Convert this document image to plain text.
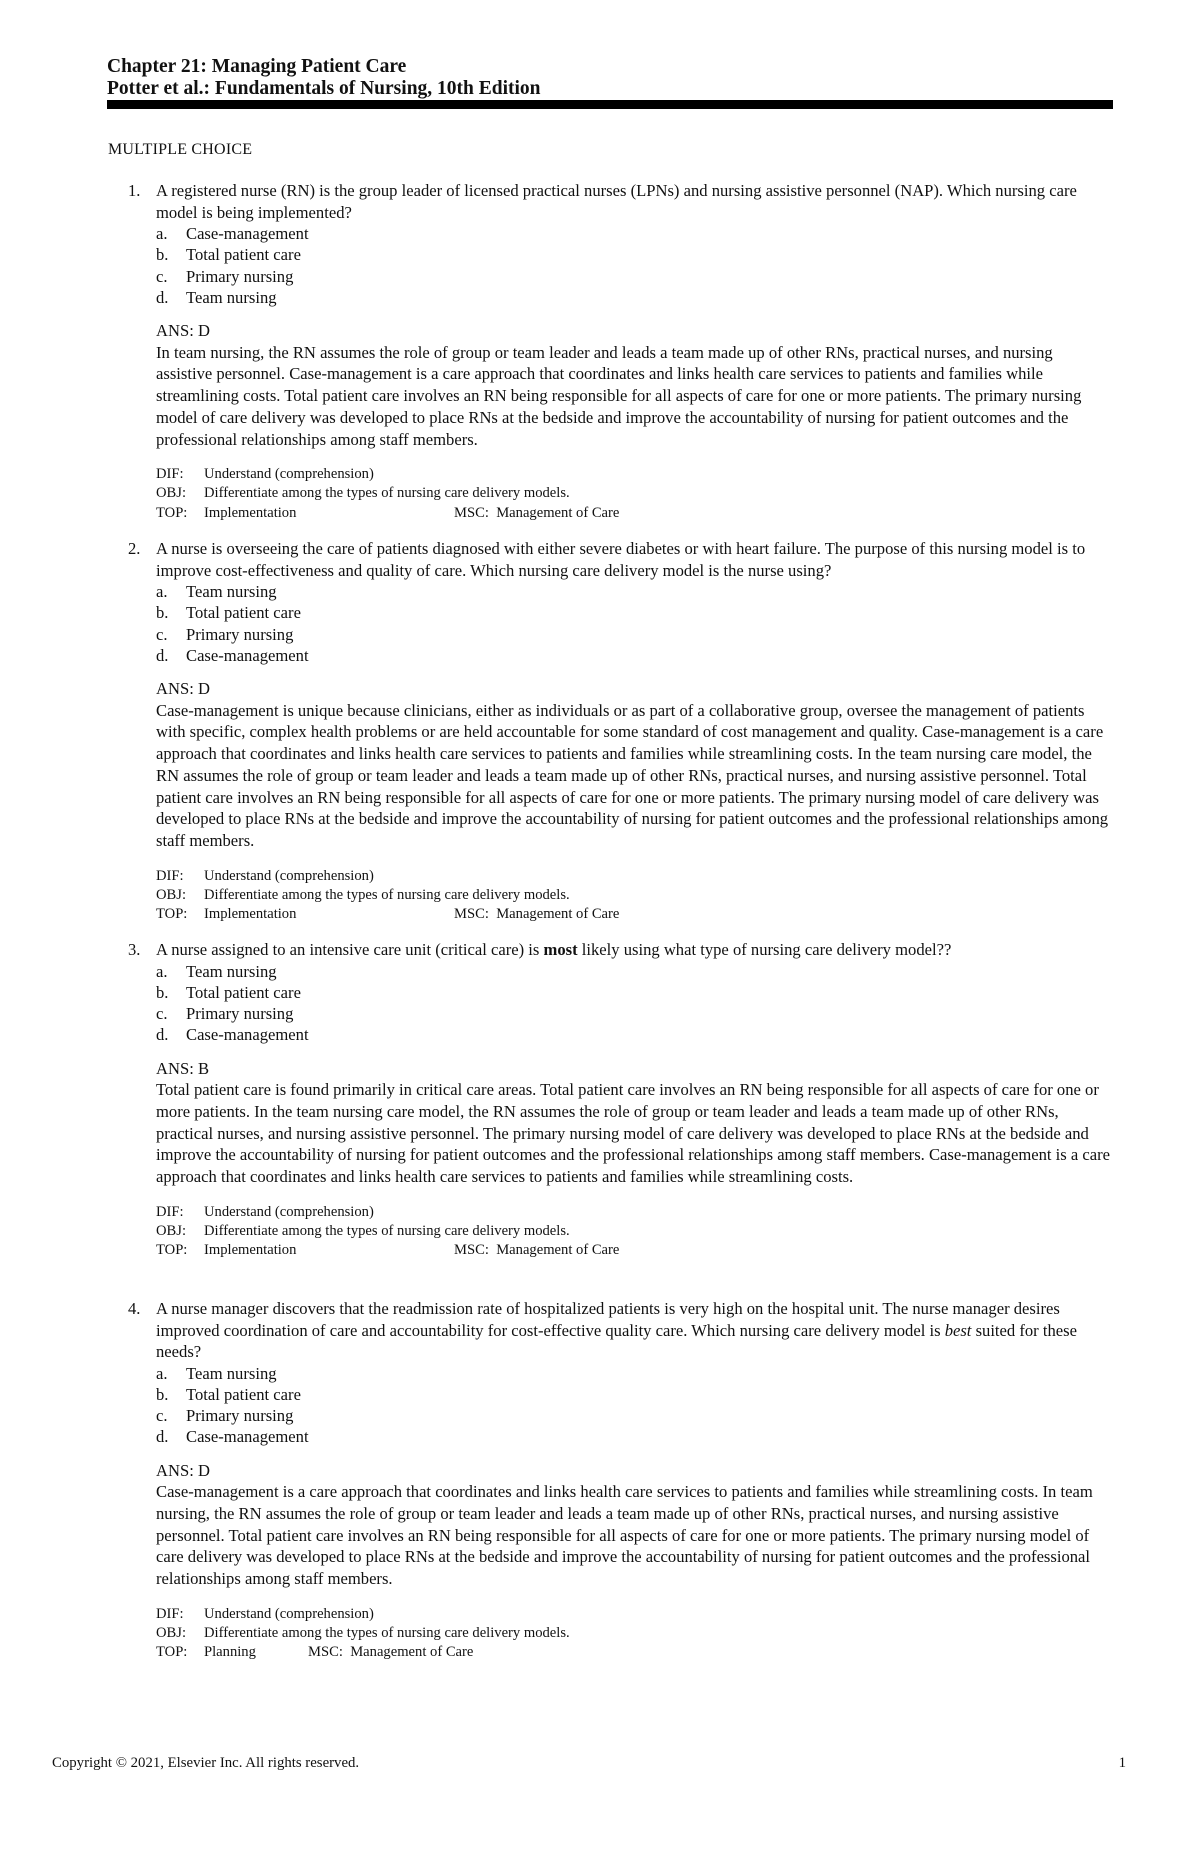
Chapter 21: Managing Patient Care
Potter et al.: Fundamentals of Nursing, 10th Edition
MULTIPLE CHOICE
1. A registered nurse (RN) is the group leader of licensed practical nurses (LPNs) and nursing assistive personnel (NAP). Which nursing care model is being implemented?
a. Case-management
b. Total patient care
c. Primary nursing
d. Team nursing
ANS: D
In team nursing, the RN assumes the role of group or team leader and leads a team made up of other RNs, practical nurses, and nursing assistive personnel. Case-management is a care approach that coordinates and links health care services to patients and families while streamlining costs. Total patient care involves an RN being responsible for all aspects of care for one or more patients. The primary nursing model of care delivery was developed to place RNs at the bedside and improve the accountability of nursing for patient outcomes and the professional relationships among staff members.
DIF: Understand (comprehension)
OBJ: Differentiate among the types of nursing care delivery models.
TOP: Implementation	MSC: Management of Care
2. A nurse is overseeing the care of patients diagnosed with either severe diabetes or with heart failure. The purpose of this nursing model is to improve cost-effectiveness and quality of care. Which nursing care delivery model is the nurse using?
a. Team nursing
b. Total patient care
c. Primary nursing
d. Case-management
ANS: D
Case-management is unique because clinicians, either as individuals or as part of a collaborative group, oversee the management of patients with specific, complex health problems or are held accountable for some standard of cost management and quality. Case-management is a care approach that coordinates and links health care services to patients and families while streamlining costs. In the team nursing care model, the RN assumes the role of group or team leader and leads a team made up of other RNs, practical nurses, and nursing assistive personnel. Total patient care involves an RN being responsible for all aspects of care for one or more patients. The primary nursing model of care delivery was developed to place RNs at the bedside and improve the accountability of nursing for patient outcomes and the professional relationships among staff members.
DIF: Understand (comprehension)
OBJ: Differentiate among the types of nursing care delivery models.
TOP: Implementation	MSC: Management of Care
3. A nurse assigned to an intensive care unit (critical care) is most likely using what type of nursing care delivery model??
a. Team nursing
b. Total patient care
c. Primary nursing
d. Case-management
ANS: B
Total patient care is found primarily in critical care areas. Total patient care involves an RN being responsible for all aspects of care for one or more patients. In the team nursing care model, the RN assumes the role of group or team leader and leads a team made up of other RNs, practical nurses, and nursing assistive personnel. The primary nursing model of care delivery was developed to place RNs at the bedside and improve the accountability of nursing for patient outcomes and the professional relationships among staff members. Case-management is a care approach that coordinates and links health care services to patients and families while streamlining costs.
DIF: Understand (comprehension)
OBJ: Differentiate among the types of nursing care delivery models.
TOP: Implementation	MSC: Management of Care
4. A nurse manager discovers that the readmission rate of hospitalized patients is very high on the hospital unit. The nurse manager desires improved coordination of care and accountability for cost-effective quality care. Which nursing care delivery model is best suited for these needs?
a. Team nursing
b. Total patient care
c. Primary nursing
d. Case-management
ANS: D
Case-management is a care approach that coordinates and links health care services to patients and families while streamlining costs. In team nursing, the RN assumes the role of group or team leader and leads a team made up of other RNs, practical nurses, and nursing assistive personnel. Total patient care involves an RN being responsible for all aspects of care for one or more patients. The primary nursing model of care delivery was developed to place RNs at the bedside and improve the accountability of nursing for patient outcomes and the professional relationships among staff members.
DIF: Understand (comprehension)
OBJ: Differentiate among the types of nursing care delivery models.
TOP: Planning	MSC: Management of Care
Copyright © 2021, Elsevier Inc. All rights reserved.	1
